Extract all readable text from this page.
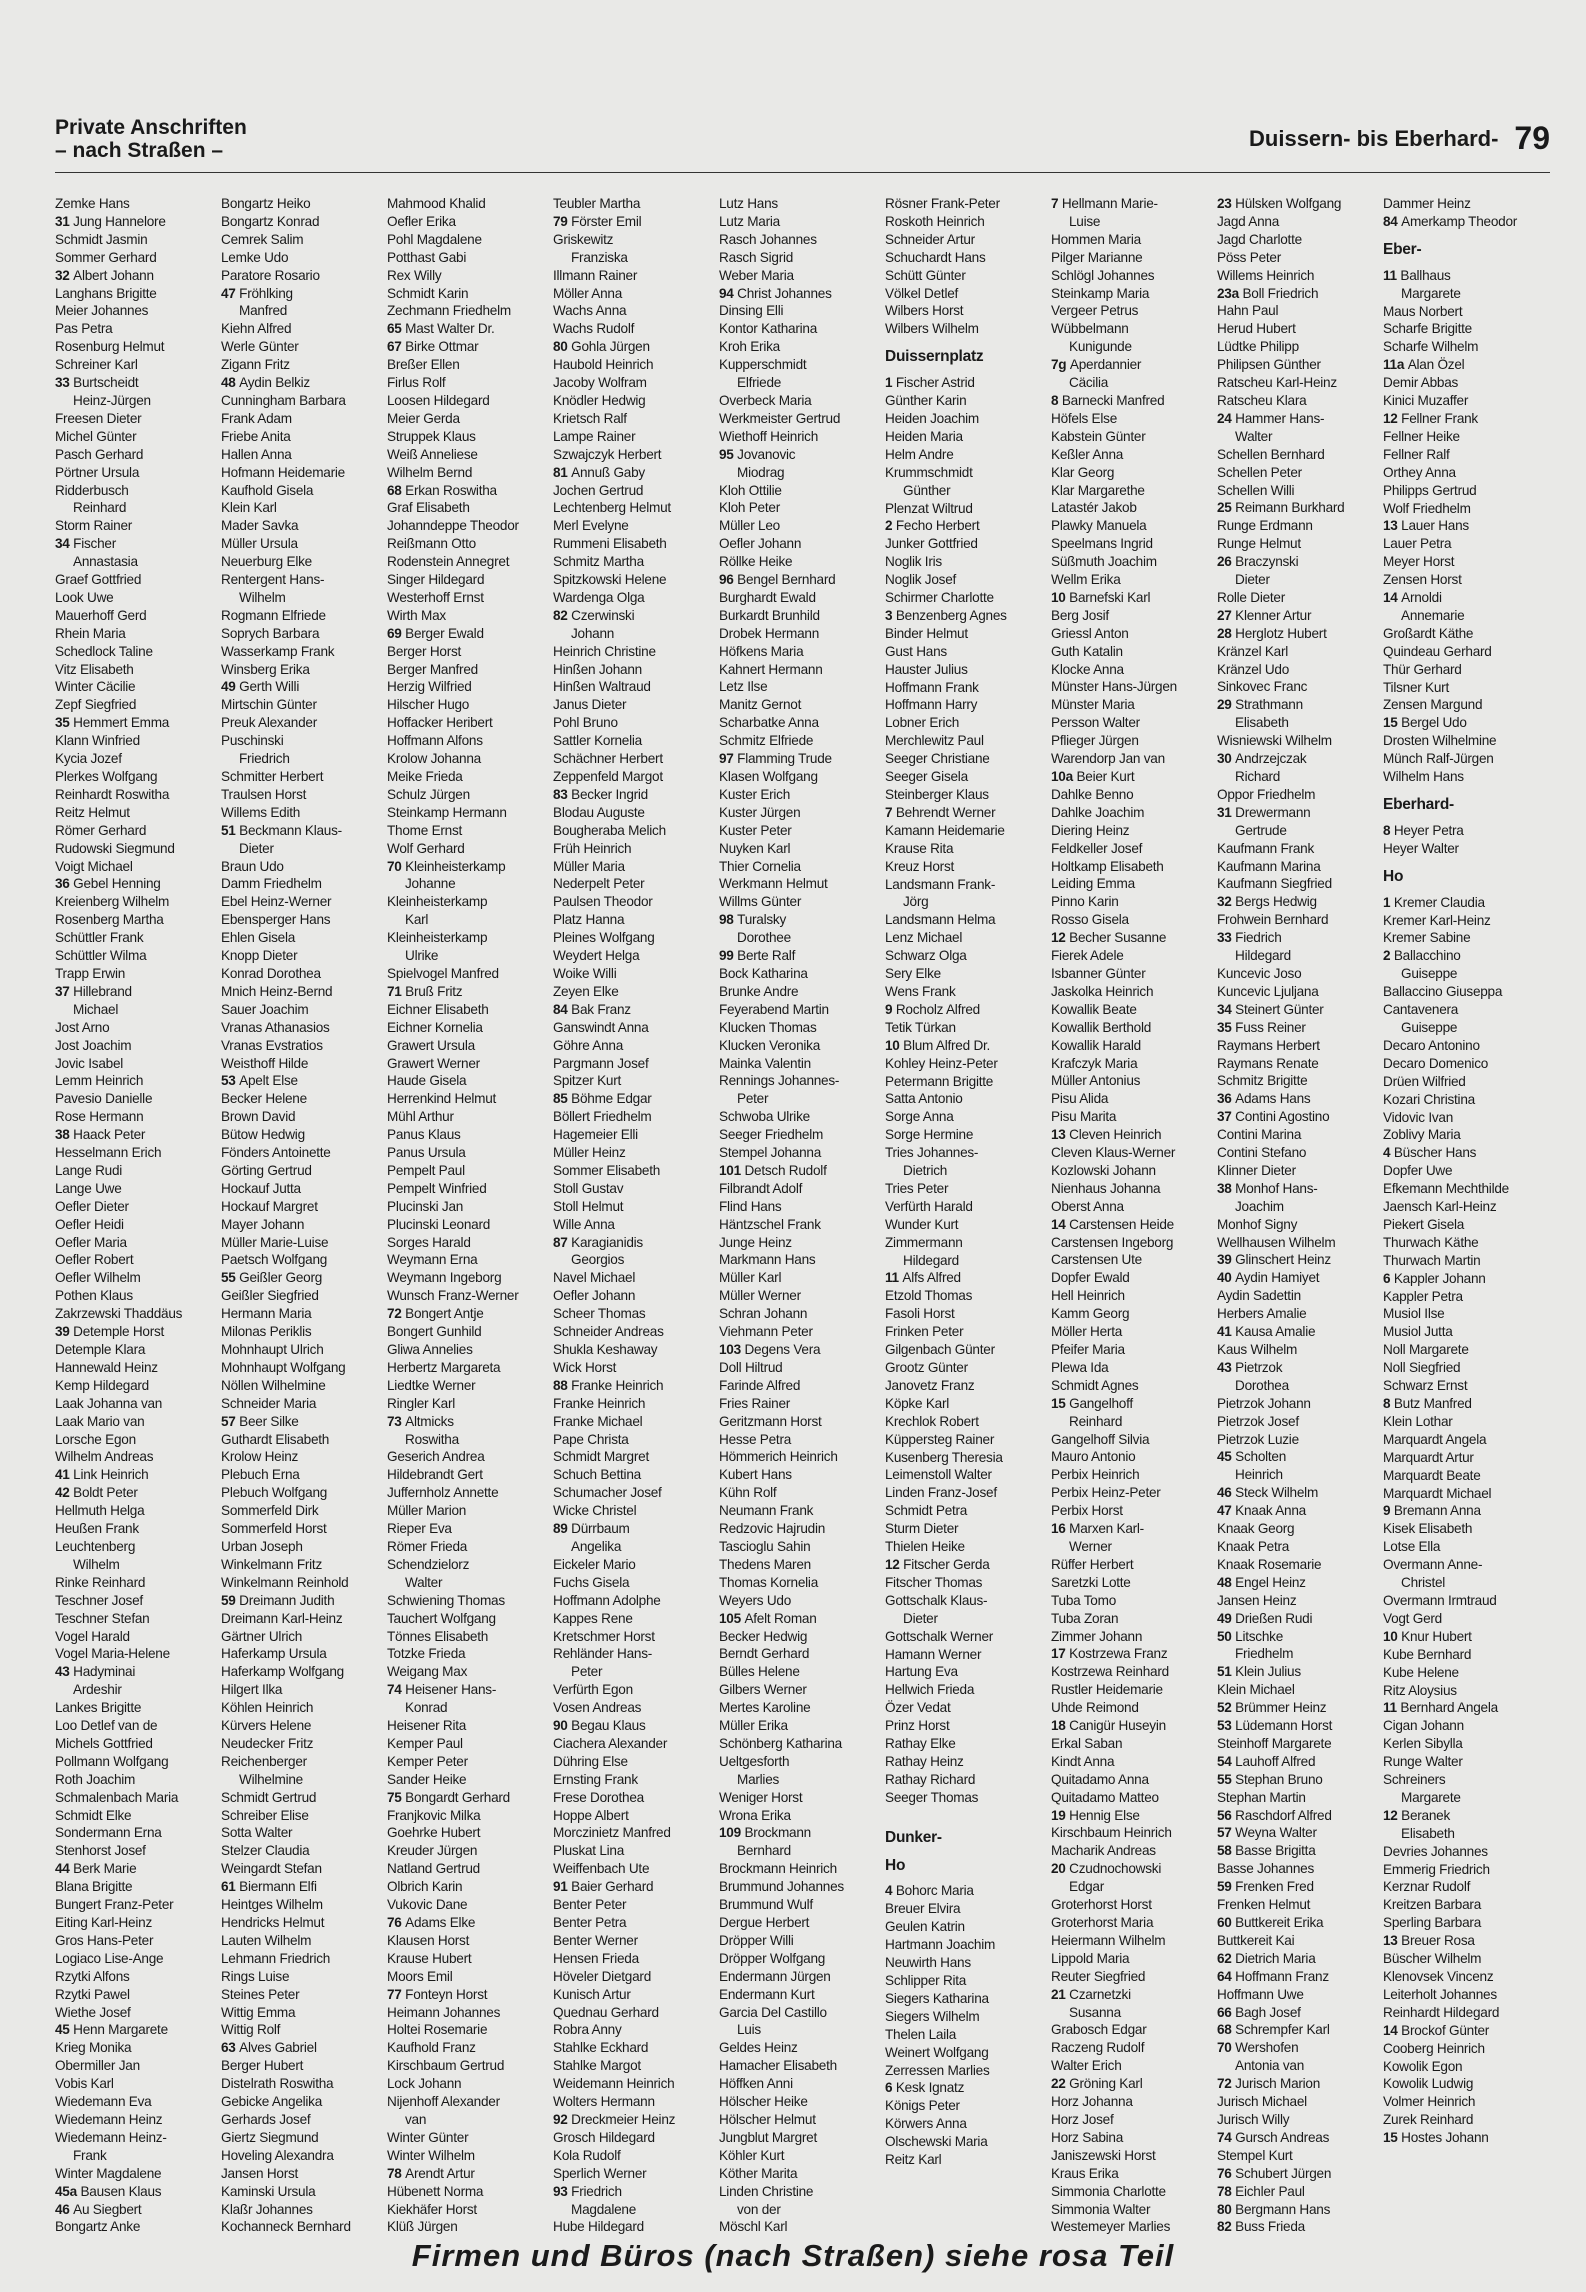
Private Anschriften
– nach Straßen –	Duissern- bis Eberhard- 79
Zemke Hans
31 Jung Hannelore
Schmidt Jasmin
Sommer Gerhard
32 Albert Johann
Langhans Brigitte
Meier Johannes
Pas Petra
Rosenburg Helmut
Schreiner Karl
33 Burtscheidt
Heinz-Jürgen
Freesen Dieter
Michel Günter
Pasch Gerhard
Pörtner Ursula
Ridderbusch
Reinhard
Storm Rainer
34 Fischer
Annastasia
Graef Gottfried
Look Uwe
Mauerhoff Gerd
Rhein Maria
Schedlock Taline
Vitz Elisabeth
Winter Cäcilie
Zepf Siegfried
35 Hemmert Emma
Klann Winfried
Kycia Jozef
Plerkes Wolfgang
Reinhardt Roswitha
Reitz Helmut
Römer Gerhard
Rudowski Siegmund
Voigt Michael
36 Gebel Henning
Kreienberg Wilhelm
Rosenberg Martha
Schüttler Frank
Schüttler Wilma
Trapp Erwin
37 Hillebrand
Michael
Jost Arno
Jost Joachim
Jovic Isabel
Lemm Heinrich
Pavesio Danielle
Rose Hermann
38 Haack Peter
Hesselmann Erich
Lange Rudi
Lange Uwe
Oefler Dieter
Oefler Heidi
Oefler Maria
Oefler Robert
Oefler Wilhelm
Pothen Klaus
Zakrzewski Thaddäus
39 Detemple Horst
Detemple Klara
Hannewald Heinz
Kemp Hildegard
Laak Johanna van
Laak Mario van
Lorsche Egon
Wilhelm Andreas
41 Link Heinrich
42 Boldt Peter
Hellmuth Helga
Heußen Frank
Leuchtenberg
Wilhelm
Rinke Reinhard
Teschner Josef
Teschner Stefan
Vogel Harald
Vogel Maria-Helene
43 Hadyminai
Ardeshir
Lankes Brigitte
Loo Detlef van de
Michels Gottfried
Pollmann Wolfgang
Roth Joachim
Schmalenbach Maria
Schmidt Elke
Sondermann Erna
Stenhorst Josef
44 Berk Marie
Blana Brigitte
Bungert Franz-Peter
Eiting Karl-Heinz
Gros Hans-Peter
Logiaco Lise-Ange
Rzytki Alfons
Rzytki Pawel
Wiethe Josef
45 Henn Margarete
Krieg Monika
Obermiller Jan
Vobis Karl
Wiedemann Eva
Wiedemann Heinz
Wiedemann Heinz-
Frank
Winter Magdalene
45a Bausen Klaus
46 Au Siegbert
Bongartz Anke
Bongartz Heiko
Bongartz Konrad
Cemrek Salim
Lemke Udo
Paratore Rosario
47 Fröhlking
Manfred
Kiehn Alfred
Werle Günter
Zigann Fritz
48 Aydin Belkiz
Cunningham Barbara
Frank Adam
Friebe Anita
Hallen Anna
Hofmann Heidemarie
Kaufhold Gisela
Klein Karl
Mader Savka
Müller Ursula
Neuerburg Elke
Rentergent Hans-
Wilhelm
Rogmann Elfriede
Soprych Barbara
Wasserkamp Frank
Winsberg Erika
49 Gerth Willi
Mirtschin Günter
Preuk Alexander
Puschinski
Friedrich
Schmitter Herbert
Traulsen Horst
Willems Edith
51 Beckmann Klaus-
Dieter
Braun Udo
Damm Friedhelm
Ebel Heinz-Werner
Ebensperger Hans
Ehlen Gisela
Knopp Dieter
Konrad Dorothea
Mnich Heinz-Bernd
Sauer Joachim
Vranas Athanasios
Vranas Evstratios
Weisthoff Hilde
53 Apelt Else
Becker Helene
Brown David
Bütow Hedwig
Fönders Antoinette
Görting Gertrud
Hockauf Jutta
Hockauf Margret
Mayer Johann
Müller Marie-Luise
Paetsch Wolfgang
55 Geißler Georg
Geißler Siegfried
Hermann Maria
Milonas Periklis
Mohnhaupt Ulrich
Mohnhaupt Wolfgang
Nöllen Wilhelmine
Schneider Maria
57 Beer Silke
Guthardt Elisabeth
Krolow Heinz
Plebuch Erna
Plebuch Wolfgang
Sommerfeld Dirk
Sommerfeld Horst
Urban Joseph
Winkelmann Fritz
Winkelmann Reinhold
59 Dreimann Judith
Dreimann Karl-Heinz
Gärtner Ulrich
Haferkamp Ursula
Haferkamp Wolfgang
Hilgert Ilka
Köhlen Heinrich
Kürvers Helene
Neudecker Fritz
Reichenberger
Wilhelmine
Schmidt Gertrud
Schreiber Elise
Sotta Walter
Stelzer Claudia
Weingardt Stefan
61 Biermann Elfi
Heintges Wilhelm
Hendricks Helmut
Lauten Wilhelm
Lehmann Friedrich
Rings Luise
Steines Peter
Wittig Emma
Wittig Rolf
63 Alves Gabriel
Berger Hubert
Distelrath Roswitha
Gebicke Angelika
Gerhards Josef
Giertz Siegmund
Hoveling Alexandra
Jansen Horst
Kaminski Ursula
Klaßr Johannes
Kochanneck Bernhard
Mahmood Khalid
Oefler Erika
Pohl Magdalene
Potthast Gabi
Rex Willy
Schmidt Karin
Zechmann Friedhelm
65 Mast Walter Dr.
67 Birke Ottmar
Breßer Ellen
Firlus Rolf
Loosen Hildegard
Meier Gerda
Struppek Klaus
Weiß Anneliese
Wilhelm Bernd
68 Erkan Roswitha
Graf Elisabeth
Johanndeppe Theodor
Reißmann Otto
Rodenstein Annegret
Singer Hildegard
Westerhoff Ernst
Wirth Max
69 Berger Ewald
Berger Horst
Berger Manfred
Herzig Wilfried
Hilscher Hugo
Hoffacker Heribert
Hoffmann Alfons
Krolow Johanna
Meike Frieda
Schulz Jürgen
Steinkamp Hermann
Thome Ernst
Wolf Gerhard
70 Kleinheisterkamp
Johanne
Kleinheisterkamp
Karl
Kleinheisterkamp
Ulrike
Spielvogel Manfred
71 Bruß Fritz
Eichner Elisabeth
Eichner Kornelia
Grawert Ursula
Grawert Werner
Haude Gisela
Herrenkind Helmut
Mühl Arthur
Panus Klaus
Panus Ursula
Pempelt Paul
Pempelt Winfried
Plucinski Jan
Plucinski Leonard
Sorges Harald
Weymann Erna
Weymann Ingeborg
Wunsch Franz-Werner
72 Bongert Antje
Bongert Gunhild
Gliwa Annelies
Herbertz Margareta
Liedtke Werner
Ringler Karl
73 Altmicks
Roswitha
Geserich Andrea
Hildebrandt Gert
Juffernholz Annette
Müller Marion
Rieper Eva
Römer Frieda
Schendzielorz
Walter
Schwiening Thomas
Tauchert Wolfgang
Tönnes Elisabeth
Totzke Frieda
Weigang Max
74 Heisener Hans-
Konrad
Heisener Rita
Kemper Paul
Kemper Peter
Sander Heike
75 Bongardt Gerhard
Franjkovic Milka
Goehrke Hubert
Kreuder Jürgen
Natland Gertrud
Olbrich Karin
Vukovic Dane
76 Adams Elke
Klausen Horst
Krause Hubert
Moors Emil
77 Fonteyn Horst
Heimann Johannes
Holtei Rosemarie
Kaufhold Franz
Kirschbaum Gertrud
Lock Johann
Nijenhoff Alexander
van
Winter Günter
Winter Wilhelm
78 Arendt Artur
Hübenett Norma
Kiekhäfer Horst
Klüß Jürgen
Teubler Martha
79 Förster Emil
Griskewitz
Franziska
Illmann Rainer
Möller Anna
Wachs Anna
Wachs Rudolf
80 Gohla Jürgen
Haubold Heinrich
Jacoby Wolfram
Knödler Hedwig
Krietsch Ralf
Lampe Rainer
Szwajczyk Herbert
81 Annuß Gaby
Jochen Gertrud
Lechtenberg Helmut
Merl Evelyne
Rummeni Elisabeth
Schmitz Martha
Spitzkowski Helene
Wardenga Olga
82 Czerwinski
Johann
Heinrich Christine
Hinßen Johann
Hinßen Waltraud
Janus Dieter
Pohl Bruno
Sattler Kornelia
Schächner Herbert
Zeppenfeld Margot
83 Becker Ingrid
Blodau Auguste
Bougheraba Melich
Früh Heinrich
Müller Maria
Nederpelt Peter
Paulsen Theodor
Platz Hanna
Pleines Wolfgang
Weydert Helga
Woike Willi
Zeyen Elke
84 Bak Franz
Ganswindt Anna
Göhre Anna
Pargmann Josef
Spitzer Kurt
85 Böhme Edgar
Böllert Friedhelm
Hagemeier Elli
Müller Heinz
Sommer Elisabeth
Stoll Gustav
Stoll Helmut
Wille Anna
87 Karagianidis
Georgios
Navel Michael
Oefler Johann
Scheer Thomas
Schneider Andreas
Shukla Keshaway
Wick Horst
88 Franke Heinrich
Franke Heinrich
Franke Michael
Pape Christa
Schmidt Margret
Schuch Bettina
Schumacher Josef
Wicke Christel
89 Dürrbaum
Angelika
Eickeler Mario
Fuchs Gisela
Hoffmann Adolphe
Kappes Rene
Kretschmer Horst
Rehländer Hans-
Peter
Verfürth Egon
Vosen Andreas
90 Begau Klaus
Ciachera Alexander
Dühring Else
Ernsting Frank
Frese Dorothea
Hoppe Albert
Morczinietz Manfred
Pluskat Lina
Weiffenbach Ute
91 Baier Gerhard
Benter Peter
Benter Petra
Benter Werner
Hensen Frieda
Höveler Dietgard
Kunisch Artur
Quednau Gerhard
Robra Anny
Stahlke Eckhard
Stahlke Margot
Weidemann Heinrich
Wolters Hermann
92 Dreckmeier Heinz
Grosch Hildegard
Kola Rudolf
Sperlich Werner
93 Friedrich
Magdalene
Hube Hildegard
Lutz Hans
Lutz Maria
Rasch Johannes
Rasch Sigrid
Weber Maria
94 Christ Johannes
Dinsing Elli
Kontor Katharina
Kroh Erika
Kupperschmidt
Elfriede
Overbeck Maria
Werkmeister Gertrud
Wiethoff Heinrich
95 Jovanovic
Miodrag
Kloh Ottilie
Kloh Peter
Müller Leo
Oefler Johann
Röllke Heike
96 Bengel Bernhard
Burghardt Ewald
Burkardt Brunhild
Drobek Hermann
Höfkens Maria
Kahnert Hermann
Letz Ilse
Manitz Gernot
Scharbatke Anna
Schmitz Elfriede
97 Flamming Trude
Klasen Wolfgang
Kuster Erich
Kuster Jürgen
Kuster Peter
Nuyken Karl
Thier Cornelia
Werkmann Helmut
Willms Günter
98 Turalsky
Dorothee
99 Berte Ralf
Bock Katharina
Brunke Andre
Feyerabend Martin
Klucken Thomas
Klucken Veronika
Mainka Valentin
Rennings Johannes-
Peter
Schwoba Ulrike
Seeger Friedhelm
Stempel Johanna
101 Detsch Rudolf
Filbrandt Adolf
Flind Hans
Häntzschel Frank
Junge Heinz
Markmann Hans
Müller Karl
Müller Werner
Schran Johann
Viehmann Peter
103 Degens Vera
Doll Hiltrud
Farinde Alfred
Fries Rainer
Geritzmann Horst
Hesse Petra
Hömmerich Heinrich
Kubert Hans
Kühn Rolf
Neumann Frank
Redzovic Hajrudin
Tascioglu Sahin
Thedens Maren
Thomas Kornelia
Weyers Udo
105 Afelt Roman
Becker Hedwig
Berndt Gerhard
Bülles Helene
Gilbers Werner
Mertes Karoline
Müller Erika
Schönberg Katharina
Ueltgesforth
Marlies
Weniger Horst
Wrona Erika
109 Brockmann
Bernhard
Brockmann Heinrich
Brummund Johannes
Brummund Wulf
Dergue Herbert
Dröpper Willi
Dröpper Wolfgang
Endermann Jürgen
Endermann Kurt
Garcia Del Castillo
Luis
Geldes Heinz
Hamacher Elisabeth
Höffken Anni
Hölscher Heike
Hölscher Helmut
Jungblut Margret
Köhler Kurt
Köther Marita
Linden Christine
von der
Möschl Karl
Rösner Frank-Peter
Roskoth Heinrich
Schneider Artur
Schuchardt Hans
Schütt Günter
Völkel Detlef
Wilbers Horst
Wilbers Wilhelm
Duissernplatz
1 Fischer Astrid
Günther Karin
Heiden Joachim
Heiden Maria
Helm Andre
Krummschmidt
Günther
Plenzat Wiltrud
2 Fecho Herbert
Junker Gottfried
Noglik Iris
Noglik Josef
Schirmer Charlotte
3 Benzenberg Agnes
Binder Helmut
Gust Hans
Hauster Julius
Hoffmann Frank
Hoffmann Harry
Lobner Erich
Merchlewitz Paul
Seeger Christiane
Seeger Gisela
Steinberger Klaus
7 Behrendt Werner
Kamann Heidemarie
Krause Rita
Kreuz Horst
Landsmann Frank-
Jörg
Landsmann Helma
Lenz Michael
Schwarz Olga
Sery Elke
Wens Frank
9 Rocholz Alfred
Tetik Türkan
10 Blum Alfred Dr.
Kohley Heinz-Peter
Petermann Brigitte
Satta Antonio
Sorge Anna
Sorge Hermine
Tries Johannes-
Dietrich
Tries Peter
Verfürth Harald
Wunder Kurt
Zimmermann
Hildegard
11 Alfs Alfred
Etzold Thomas
Fasoli Horst
Frinken Peter
Gilgenbach Günter
Grootz Günter
Janovetz Franz
Köpke Karl
Krechlok Robert
Küppersteg Rainer
Kusenberg Theresia
Leimenstoll Walter
Linden Franz-Josef
Schmidt Petra
Sturm Dieter
Thielen Heike
12 Fitscher Gerda
Fitscher Thomas
Gottschalk Klaus-
Dieter
Gottschalk Werner
Hamann Werner
Hartung Eva
Hellwich Frieda
Özer Vedat
Prinz Horst
Rathay Elke
Rathay Heinz
Rathay Richard
Seeger Thomas
Dunker-
Ho
4 Bohorc Maria
Breuer Elvira
Geulen Katrin
Hartmann Joachim
Neuwirth Hans
Schlipper Rita
Siegers Katharina
Siegers Wilhelm
Thelen Laila
Weinert Wolfgang
Zerressen Marlies
6 Kesk Ignatz
Königs Peter
Körwers Anna
Olschewski Maria
Reitz Karl
7 Hellmann Marie-
Luise
Hommen Maria
Pilger Marianne
Schlögl Johannes
Steinkamp Maria
Vergeer Petrus
Wübbelmann
Kunigunde
7g Aperdannier
Cäcilia
8 Barnecki Manfred
Höfels Else
Kabstein Günter
Keßler Anna
Klar Georg
Klar Margarethe
Latastér Jakob
Plawky Manuela
Speelmans Ingrid
Süßmuth Joachim
Wellm Erika
10 Barnefski Karl
Berg Josif
Griessl Anton
Guth Katalin
Klocke Anna
Münster Hans-Jürgen
Münster Maria
Persson Walter
Pflieger Jürgen
Warendorp Jan van
10a Beier Kurt
Dahlke Benno
Dahlke Joachim
Diering Heinz
Feldkeller Josef
Holtkamp Elisabeth
Leiding Emma
Pinno Karin
Rosso Gisela
12 Becher Susanne
Fierek Adele
Isbanner Günter
Jaskolka Heinrich
Kowallik Beate
Kowallik Berthold
Kowallik Harald
Krafczyk Maria
Müller Antonius
Pisu Alida
Pisu Marita
13 Cleven Heinrich
Cleven Klaus-Werner
Kozlowski Johann
Nienhaus Johanna
Oberst Anna
14 Carstensen Heide
Carstensen Ingeborg
Carstensen Ute
Dopfer Ewald
Hell Heinrich
Kamm Georg
Möller Herta
Pfeifer Maria
Plewa Ida
Schmidt Agnes
15 Gangelhoff
Reinhard
Gangelhoff Silvia
Mauro Antonio
Perbix Heinrich
Perbix Heinz-Peter
Perbix Horst
16 Marxen Karl-
Werner
Rüffer Herbert
Saretzki Lotte
Tuba Tomo
Tuba Zoran
Zimmer Johann
17 Kostrzewa Franz
Kostrzewa Reinhard
Rustler Heidemarie
Uhde Reimond
18 Canigür Huseyin
Erkal Saban
Kindt Anna
Quitadamo Anna
Quitadamo Matteo
19 Hennig Else
Kirschbaum Heinrich
Macharik Andreas
20 Czudnochowski
Edgar
Groterhorst Horst
Groterhorst Maria
Heiermann Wilhelm
Lippold Maria
Reuter Siegfried
21 Czarnetzki
Susanna
Grabosch Edgar
Raczeng Rudolf
Walter Erich
22 Gröning Karl
Horz Johanna
Horz Josef
Horz Sabina
Janiszewski Horst
Kraus Erika
Simmonia Charlotte
Simmonia Walter
Westemeyer Marlies
23 Hülsken Wolfgang
Jagd Anna
Jagd Charlotte
Pöss Peter
Willems Heinrich
23a Boll Friedrich
Hahn Paul
Herud Hubert
Lüdtke Philipp
Philipsen Günther
Ratscheu Karl-Heinz
Ratscheu Klara
24 Hammer Hans-
Walter
Schellen Bernhard
Schellen Peter
Schellen Willi
25 Reimann Burkhard
Runge Erdmann
Runge Helmut
26 Braczynski
Dieter
Rolle Dieter
27 Klenner Artur
28 Herglotz Hubert
Kränzel Karl
Kränzel Udo
Sinkovec Franc
29 Strathmann
Elisabeth
Wisniewski Wilhelm
30 Andrzejczak
Richard
Oppor Friedhelm
31 Drewermann
Gertrude
Kaufmann Frank
Kaufmann Marina
Kaufmann Siegfried
32 Bergs Hedwig
Frohwein Bernhard
33 Fiedrich
Hildegard
Kuncevic Joso
Kuncevic Ljuljana
34 Steinert Günter
35 Fuss Reiner
Raymans Herbert
Raymans Renate
Schmitz Brigitte
36 Adams Hans
37 Contini Agostino
Contini Marina
Contini Stefano
Klinner Dieter
38 Monhof Hans-
Joachim
Monhof Signy
Wellhausen Wilhelm
39 Glinschert Heinz
40 Aydin Hamiyet
Aydin Sadettin
Herbers Amalie
41 Kausa Amalie
Kaus Wilhelm
43 Pietrzok
Dorothea
Pietrzok Johann
Pietrzok Josef
Pietrzok Luzie
45 Scholten
Heinrich
46 Steck Wilhelm
47 Knaak Anna
Knaak Georg
Knaak Petra
Knaak Rosemarie
48 Engel Heinz
Jansen Heinz
49 Drießen Rudi
50 Litschke
Friedhelm
51 Klein Julius
Klein Michael
52 Brümmer Heinz
53 Lüdemann Horst
Steinhoff Margarete
54 Lauhoff Alfred
55 Stephan Bruno
Stephan Martin
56 Raschdorf Alfred
57 Weyna Walter
58 Basse Brigitta
Basse Johannes
59 Frenken Fred
Frenken Helmut
60 Buttkereit Erika
Buttkereit Kai
62 Dietrich Maria
64 Hoffmann Franz
Hoffmann Uwe
66 Bagh Josef
68 Schrempfer Karl
70 Wershofen
Antonia van
72 Jurisch Marion
Jurisch Michael
Jurisch Willy
74 Gursch Andreas
Stempel Kurt
76 Schubert Jürgen
78 Eichler Paul
80 Bergmann Hans
82 Buss Frieda
Dammer Heinz
84 Amerkamp Theodor
Eber-
11 Ballhaus
Margarete
Maus Norbert
Scharfe Brigitte
Scharfe Wilhelm
11a Alan Özel
Demir Abbas
Kinici Muzaffer
12 Fellner Frank
Fellner Heike
Fellner Ralf
Orthey Anna
Philipps Gertrud
Wolf Friedhelm
13 Lauer Hans
Lauer Petra
Meyer Horst
Zensen Horst
14 Arnoldi
Annemarie
Großardt Käthe
Quindeau Gerhard
Thür Gerhard
Tilsner Kurt
Zensen Margund
15 Bergel Udo
Drosten Wilhelmine
Münch Ralf-Jürgen
Wilhelm Hans
Eberhard-
8 Heyer Petra
Heyer Walter
Ho
1 Kremer Claudia
Kremer Karl-Heinz
Kremer Sabine
2 Ballacchino
Guiseppe
Ballaccino Giuseppa
Cantavenera
Guiseppe
Decaro Antonino
Decaro Domenico
Drüen Wilfried
Kozari Christina
Vidovic Ivan
Zoblivy Maria
4 Büscher Hans
Dopfer Uwe
Efkemann Mechthilde
Jaensch Karl-Heinz
Piekert Gisela
Thurwach Käthe
Thurwach Martin
6 Kappler Johann
Kappler Petra
Musiol Ilse
Musiol Jutta
Noll Margarete
Noll Siegfried
Schwarz Ernst
8 Butz Manfred
Klein Lothar
Marquardt Angela
Marquardt Artur
Marquardt Beate
Marquardt Michael
9 Bremann Anna
Kisek Elisabeth
Lotse Ella
Overmann Anne-
Christel
Overmann Irmtraud
Vogt Gerd
10 Knur Hubert
Kube Bernhard
Kube Helene
Ritz Aloysius
11 Bernhard Angela
Cigan Johann
Kerlen Sibylla
Runge Walter
Schreiners
Margarete
12 Beranek
Elisabeth
Devries Johannes
Emmerig Friedrich
Kerznar Rudolf
Kreitzen Barbara
Sperling Barbara
13 Breuer Rosa
Büscher Wilhelm
Klenovsek Vincenz
Leiterholt Johannes
Reinhardt Hildegard
14 Brockof Günter
Cooberg Heinrich
Kowolik Egon
Kowolik Ludwig
Volmer Heinrich
Zurek Reinhard
15 Hostes Johann
Firmen und Büros (nach Straßen) siehe rosa Teil
